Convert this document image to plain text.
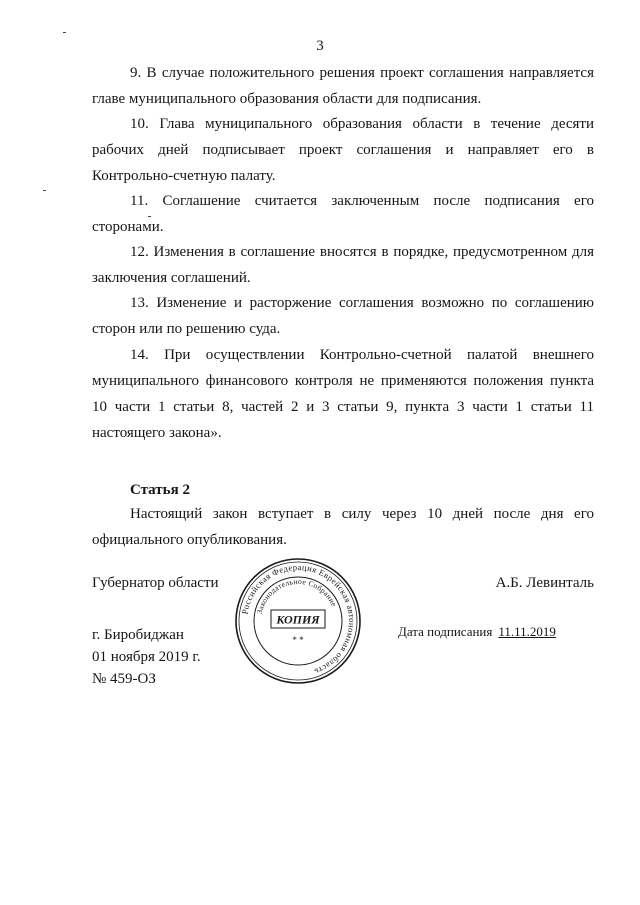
3

9. В случае положительного решения проект соглашения направляется главе муниципального образования области для подписания.

10. Глава муниципального образования области в течение десяти рабочих дней подписывает проект соглашения и направляет его в Контрольно-счетную палату.

11. Соглашение считается заключенным после подписания его сторонами.

12. Изменения в соглашение вносятся в порядке, предусмотренном для заключения соглашений.

13. Изменение и расторжение соглашения возможно по соглашению сторон или по решению суда.

14. При осуществлении Контрольно-счетной палатой внешнего муниципального финансового контроля не применяются положения пункта 10 части 1 статьи 8, частей 2 и 3 статьи 9, пункта 3 части 1 статьи 11 настоящего закона».

Статья 2

Настоящий закон вступает в силу через 10 дней после дня его официального опубликования.

Губернатор области	А.Б. Левинталь
г. Биробиджан
01 ноября 2019 г.
№ 459-ОЗ
Дата подписания 11.11.2019
Российская Федерация Еврейская автономная область
Законодательное Собрание
КОПИЯ
* *
